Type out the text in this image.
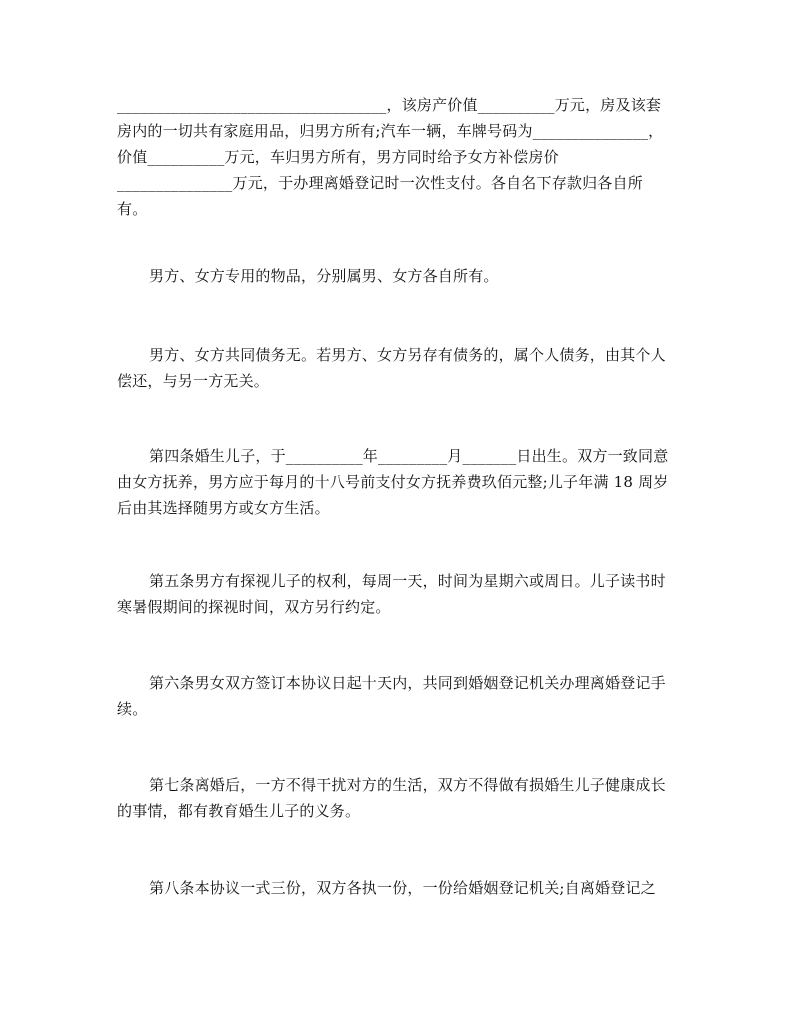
___________________________________，该房产价值__________万元，房及该套
房内的一切共有家庭用品，归男方所有;汽车一辆，车牌号码为_______________，
价值__________万元，车归男方所有，男方同时给予女方补偿房价
_______________万元，于办理离婚登记时一次性支付。各自名下存款归各自所
有。
男方、女方专用的物品，分别属男、女方各自所有。
男方、女方共同债务无。若男方、女方另存有债务的，属个人债务，由其个人
偿还，与另一方无关。
第四条婚生儿子，于__________年_________月_______日出生。双方一致同意
由女方抚养，男方应于每月的十八号前支付女方抚养费玖佰元整;儿子年满 18 周岁
后由其选择随男方或女方生活。
第五条男方有探视儿子的权利，每周一天，时间为星期六或周日。儿子读书时
寒暑假期间的探视时间，双方另行约定。
第六条男女双方签订本协议日起十天内，共同到婚姻登记机关办理离婚登记手
续。
第七条离婚后，一方不得干扰对方的生活，双方不得做有损婚生儿子健康成长
的事情，都有教育婚生儿子的义务。
第八条本协议一式三份，双方各执一份，一份给婚姻登记机关;自离婚登记之
